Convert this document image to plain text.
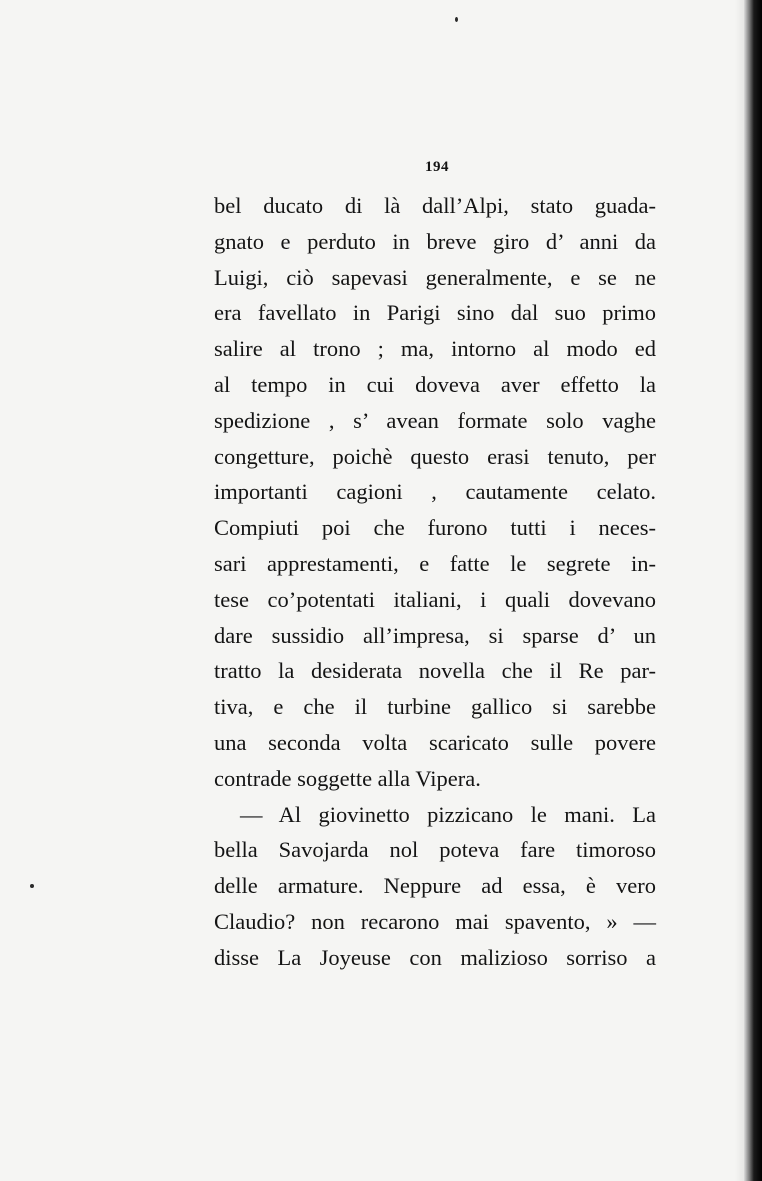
194
bel ducato di là dall’Alpi, stato guada-
gnato e perduto in breve giro d’ anni da
Luigi, ciò sapevasi generalmente, e se ne
era favellato in Parigi sino dal suo primo
salire al trono ; ma, intorno al modo ed
al tempo in cui doveva aver effetto la
spedizione , s’ avean formate solo vaghe
congetture, poichè questo erasi tenuto, per
importanti cagioni , cautamente celato.
Compiuti poi che furono tutti i neces-
sari apprestamenti, e fatte le segrete in-
tese co’potentati italiani, i quali dovevano
dare sussidio all’impresa, si sparse d’ un
tratto la desiderata novella che il Re par-
tiva, e che il turbine gallico si sarebbe
una seconda volta scaricato sulle povere
contrade soggette alla Vipera.
— Al giovinetto pizzicano le mani. La
bella Savojarda nol poteva fare timoroso
delle armature. Neppure ad essa, è vero
Claudio? non recarono mai spavento, » —
disse La Joyeuse con malizioso sorriso a
